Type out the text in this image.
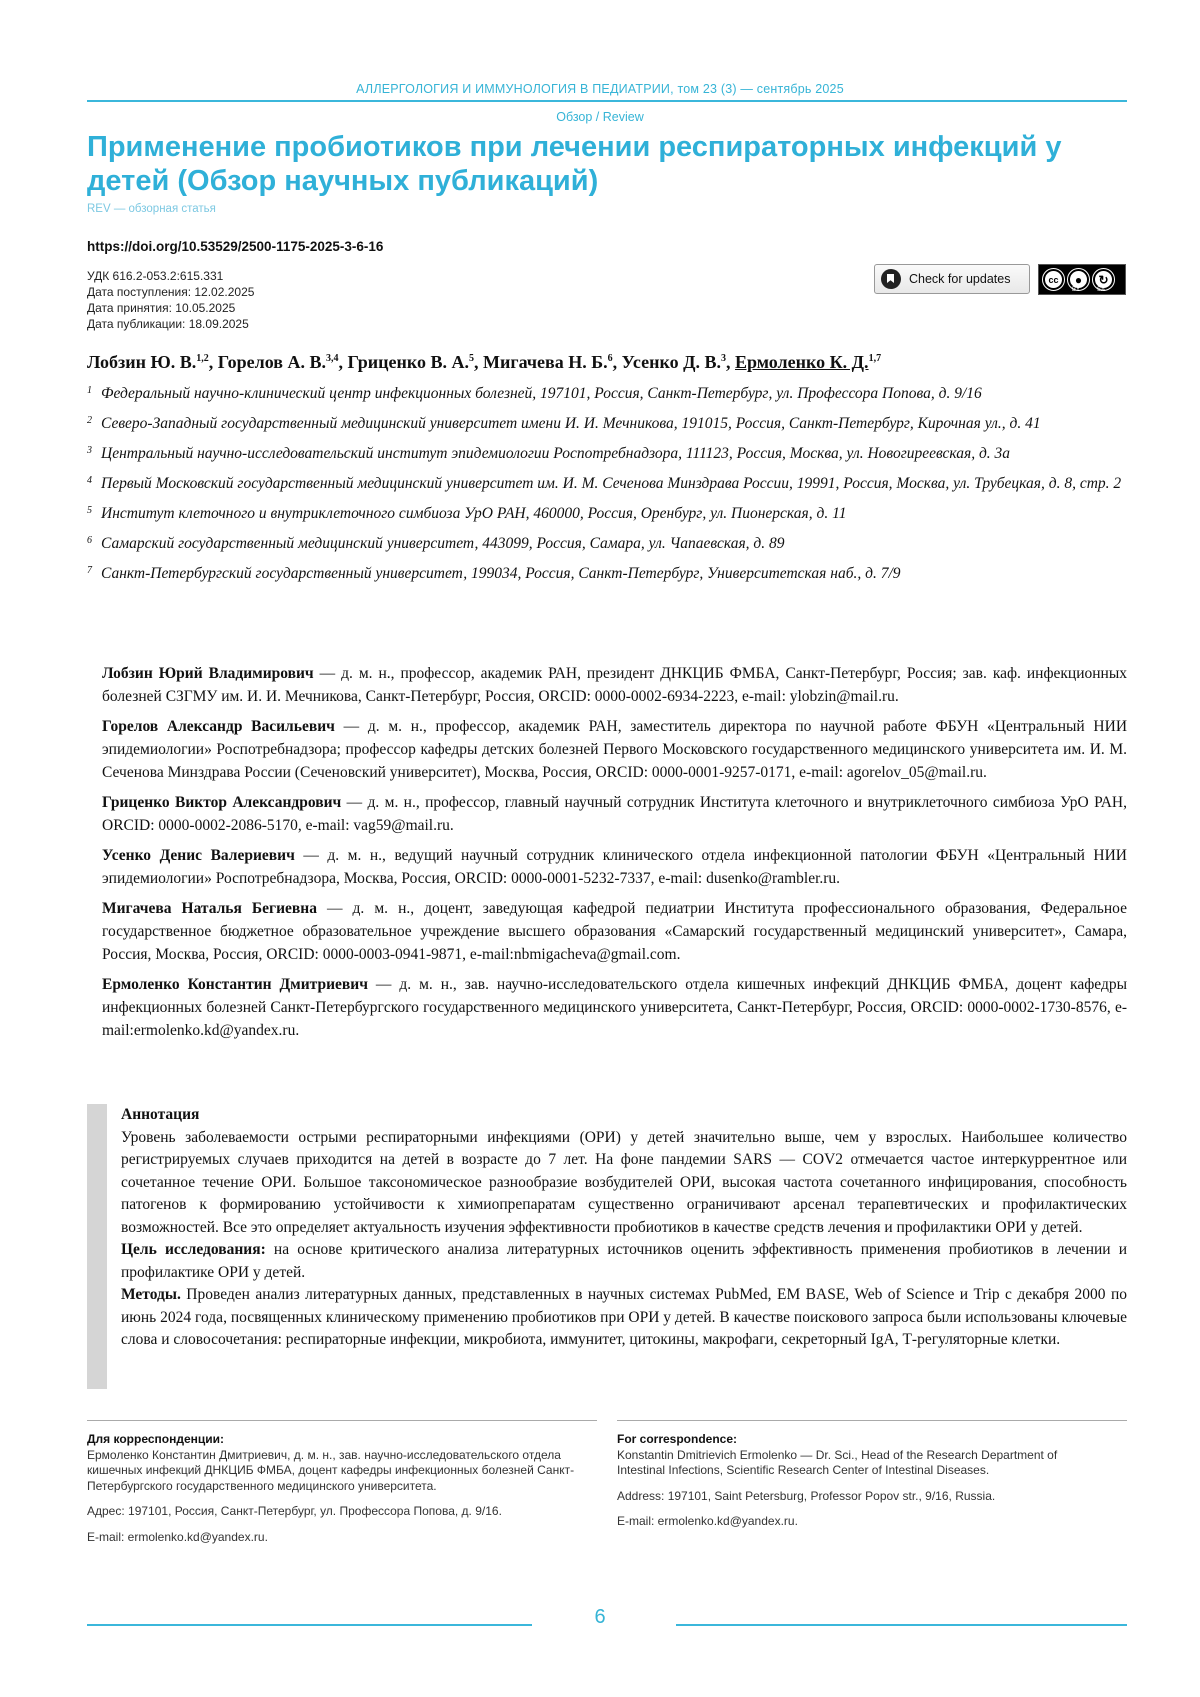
АЛЛЕРГОЛОГИЯ И ИММУНОЛОГИЯ В ПЕДИАТРИИ, том 23 (3) — сентябрь 2025
Обзор / Review
Применение пробиотиков при лечении респираторных инфекций у детей (Обзор научных публикаций)
REV — обзорная статья
https://doi.org/10.53529/2500-1175-2025-3-6-16
УДК 616.2-053.2:615.331
Дата поступления: 12.02.2025
Дата принятия: 10.05.2025
Дата публикации: 18.09.2025
Check for updates	cc	●	↻
BY	SA
Лобзин Ю. В.$^{1,2}$, Горелов А. В.$^{3,4}$, Гриценко В. А.$^5$, Мигачева Н. Б.$^6$, Усенко Д. В.$^3$, Ермоленко К. Д.$^{1,7}$
1 Федеральный научно-клинический центр инфекционных болезней, 197101, Россия, Санкт-Петербург, ул. Профессора Попова, д. 9/16
2 Северо-Западный государственный медицинский университет имени И. И. Мечникова, 191015, Россия, Санкт-Петербург, Кирочная ул., д. 41
3 Центральный научно-исследовательский институт эпидемиологии Роспотребнадзора, 111123, Россия, Москва, ул. Новогиреевская, д. 3а
4 Первый Московский государственный медицинский университет им. И. М. Сеченова Минздрава России, 19991, Россия, Москва, ул. Трубецкая, д. 8, стр. 2
5 Институт клеточного и внутриклеточного симбиоза УрО РАН, 460000, Россия, Оренбург, ул. Пионерская, д. 11
6 Самарский государственный медицинский университет, 443099, Россия, Самара, ул. Чапаевская, д. 89
7 Санкт-Петербургский государственный университет, 199034, Россия, Санкт-Петербург, Университетская наб., д. 7/9

Лобзин Юрий Владимирович — д. м. н., профессор, академик РАН, президент ДНКЦИБ ФМБА, Санкт-Петербург, Россия; зав. каф. инфекционных болезней СЗГМУ им. И. И. Мечникова, Санкт-Петербург, Россия, ORCID: 0000-0002-6934-2223, e-mail: ylobzin@mail.ru.

Горелов Александр Васильевич — д. м. н., профессор, академик РАН, заместитель директора по научной работе ФБУН «Центральный НИИ эпидемиологии» Роспотребнадзора; профессор кафедры детских болезней Первого Московского государственного медицинского университета им. И. М. Сеченова Минздрава России (Сеченовский университет), Москва, Россия, ORCID: 0000-0001-9257-0171, e-mail: agorelov_05@mail.ru.

Гриценко Виктор Александрович — д. м. н., профессор, главный научный сотрудник Института клеточного и внутриклеточного симбиоза УрО РАН, ORCID: 0000-0002-2086-5170, e-mail: vag59@mail.ru.

Усенко Денис Валериевич — д. м. н., ведущий научный сотрудник клинического отдела инфекционной патологии ФБУН «Центральный НИИ эпидемиологии» Роспотребнадзора, Москва, Россия, ORCID: 0000-0001-5232-7337, e-mail: dusenko@rambler.ru.

Мигачева Наталья Бегиевна — д. м. н., доцент, заведующая кафедрой педиатрии Института профессионального образования, Федеральное государственное бюджетное образовательное учреждение высшего образования «Самарский государственный медицинский университет», Самара, Россия, Москва, Россия, ORCID: 0000-0003-0941-9871, e-mail:nbmigacheva@gmail.com.

Ермоленко Константин Дмитриевич — д. м. н., зав. научно-исследовательского отдела кишечных инфекций ДНКЦИБ ФМБА, доцент кафедры инфекционных болезней Санкт-Петербургского государственного медицинского университета, Санкт-Петербург, Россия, ORCID: 0000-0002-1730-8576, e-mail:ermolenko.kd@yandex.ru.

Аннотация

Уровень заболеваемости острыми респираторными инфекциями (ОРИ) у детей значительно выше, чем у взрослых. Наибольшее количество регистрируемых случаев приходится на детей в возрасте до 7 лет. На фоне пандемии SARS — COV2 отмечается частое интеркуррентное или сочетанное течение ОРИ. Большое таксономическое разнообразие возбудителей ОРИ, высокая частота сочетанного инфицирования, способность патогенов к формированию устойчивости к химиопрепаратам существенно ограничивают арсенал терапевтических и профилактических возможностей. Все это определяет актуальность изучения эффективности пробиотиков в качестве средств лечения и профилактики ОРИ у детей.

Цель исследования: на основе критического анализа литературных источников оценить эффективность применения пробиотиков в лечении и профилактике ОРИ у детей.

Методы. Проведен анализ литературных данных, представленных в научных системах PubMed, EM BASE, Web of Science и Trip с декабря 2000 по июнь 2024 года, посвященных клиническому применению пробиотиков при ОРИ у детей. В качестве поискового запроса были использованы ключевые слова и словосочетания: респираторные инфекции, микробиота, иммунитет, цитокины, макрофаги, секреторный IgA, Т-регуляторные клетки.

Для корреспонденции:

Ермоленко Константин Дмитриевич, д. м. н., зав. научно-исследовательского отдела кишечных инфекций ДНКЦИБ ФМБА, доцент кафедры инфекционных болезней Санкт-Петербургского государственного медицинского университета.

Адрес: 197101, Россия, Санкт-Петербург, ул. Профессора Попова, д. 9/16.

E-mail: ermolenko.kd@yandex.ru.

For correspondence:

Konstantin Dmitrievich Ermolenko — Dr. Sci., Head of the Research Department of Intestinal Infections, Scientific Research Center of Intestinal Diseases.

Address: 197101, Saint Petersburg, Professor Popov str., 9/16, Russia.

E-mail: ermolenko.kd@yandex.ru.

6
